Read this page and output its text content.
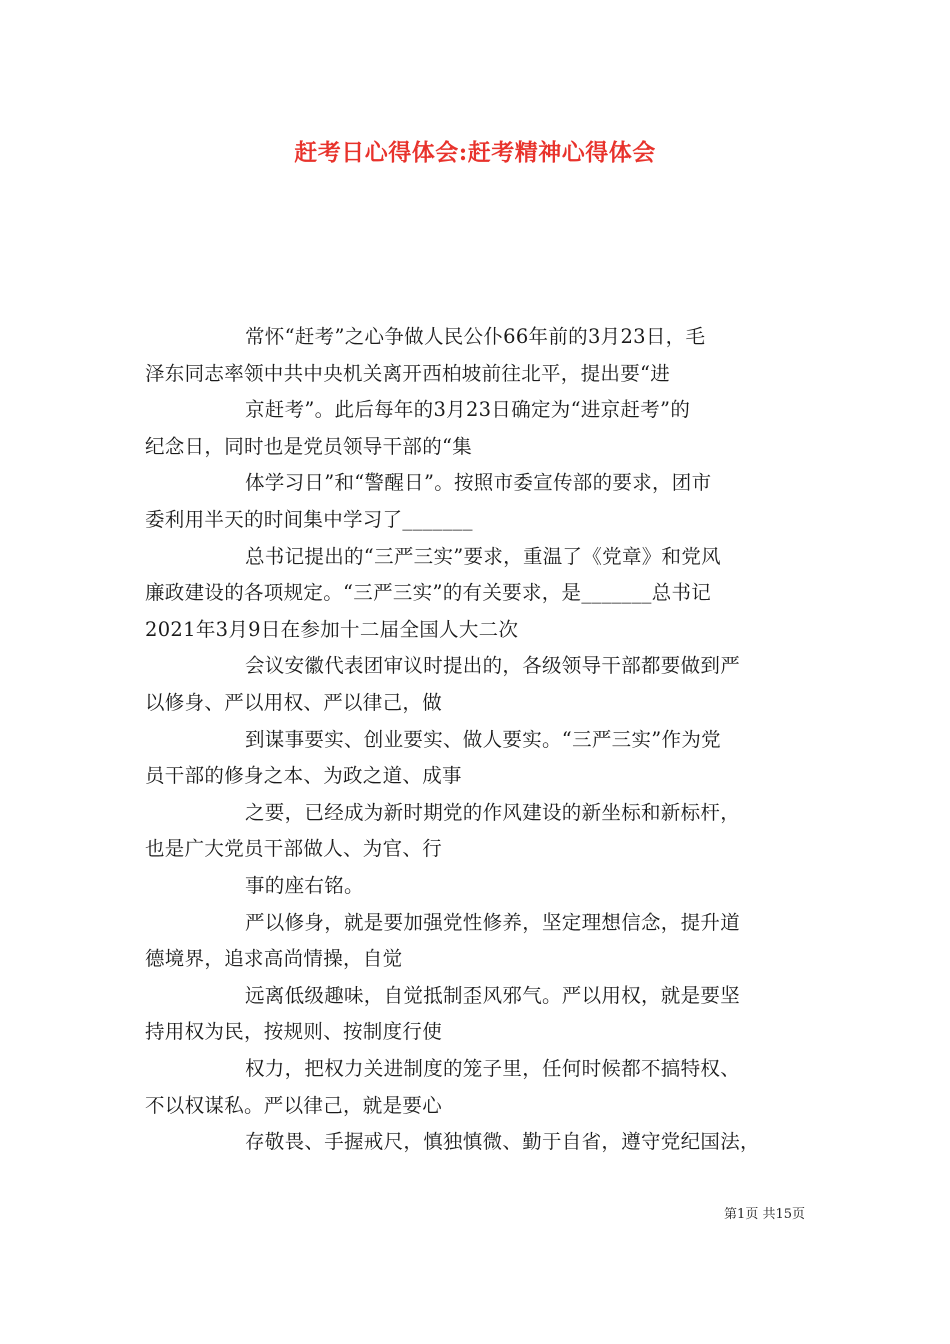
赶考日心得体会:赶考精神心得体会
常怀“赶考”之心争做人民公仆66年前的3月23日，毛
泽东同志率领中共中央机关离开西柏坡前往北平，提出要“进
京赶考”。此后每年的3月23日确定为“进京赶考”的
纪念日，同时也是党员领导干部的“集
体学习日”和“警醒日”。按照市委宣传部的要求，团市
委利用半天的时间集中学习了_______
总书记提出的“三严三实”要求，重温了《党章》和党风
廉政建设的各项规定。“三严三实”的有关要求，是_______总书记
2021年3月9日在参加十二届全国人大二次
会议安徽代表团审议时提出的，各级领导干部都要做到严
以修身、严以用权、严以律己，做
到谋事要实、创业要实、做人要实。“三严三实”作为党
员干部的修身之本、为政之道、成事
之要，已经成为新时期党的作风建设的新坐标和新标杆，
也是广大党员干部做人、为官、行
事的座右铭。
严以修身，就是要加强党性修养，坚定理想信念，提升道
德境界，追求高尚情操，自觉
远离低级趣味，自觉抵制歪风邪气。严以用权，就是要坚
持用权为民，按规则、按制度行使
权力，把权力关进制度的笼子里，任何时候都不搞特权、
不以权谋私。严以律己，就是要心
存敬畏、手握戒尺，慎独慎微、勤于自省，遵守党纪国法，
第1页 共15页
